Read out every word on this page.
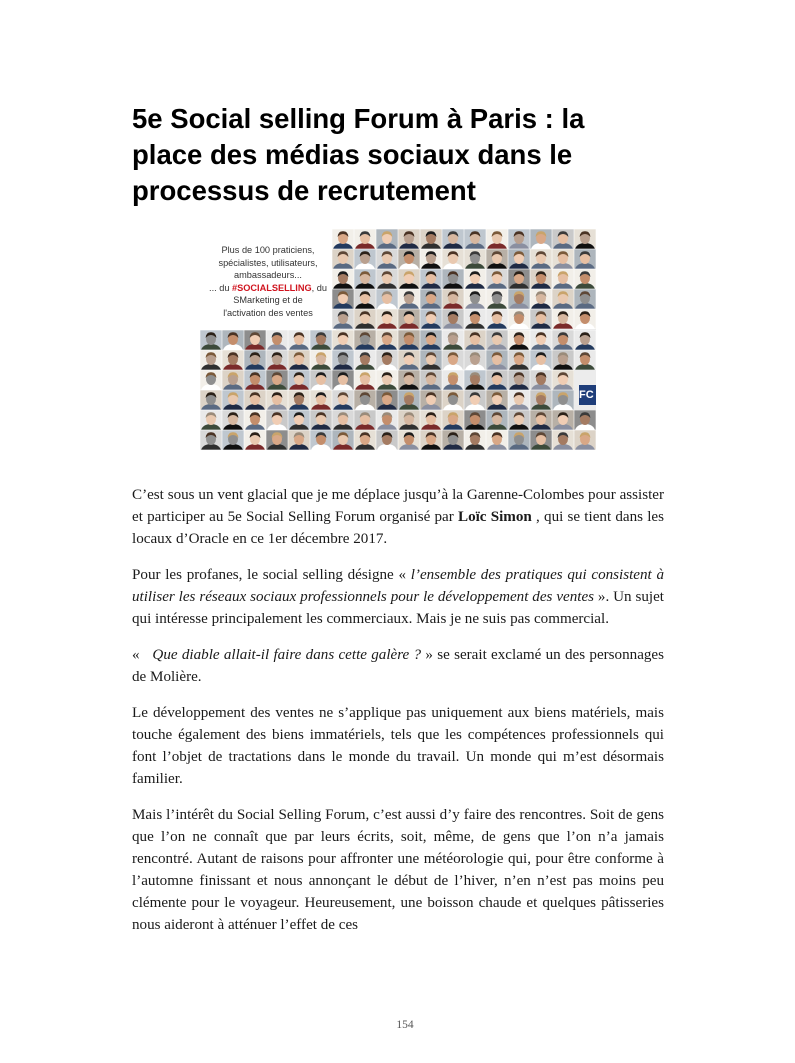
5e Social selling Forum à Paris : la
place des médias sociaux dans le
processus de recrutement
Plus de 100 praticiens,
spécialistes, utilisateurs,
ambassadeurs...
... du #SOCIALSELLING, du
SMarketing et de
l'activation des ventes
FC

C’est sous un vent glacial que je me déplace jusqu’à la Garenne-Colombes pour assister et participer au 5e Social Selling Forum organisé par Loïc Simon , qui se tient dans les locaux d’Oracle en ce 1er décembre 2017.

Pour les profanes, le social selling désigne « l’ensemble des pratiques qui consistent à utiliser les réseaux sociaux professionnels pour le développement des ventes ». Un sujet qui intéresse principalement les commerciaux. Mais je ne suis pas commercial.

« Que diable allait-il faire dans cette galère ? » se serait exclamé un des personnages de Molière.

Le développement des ventes ne s’applique pas uniquement aux biens matériels, mais touche également des biens immatériels, tels que les compétences professionnels qui font l’objet de tractations dans le monde du travail. Un monde qui m’est désormais familier.

Mais l’intérêt du Social Selling Forum, c’est aussi d’y faire des rencontres. Soit de gens que l’on ne connaît que par leurs écrits, soit, même, de gens que l’on n’a jamais rencontré. Autant de raisons pour affronter une météorologie qui, pour être conforme à l’automne finissant et nous annonçant le début de l’hiver, n’en n’est pas moins peu clémente pour le voyageur. Heureusement, une boisson chaude et quelques pâtisseries nous aideront à atténuer l’effet de ces

154
